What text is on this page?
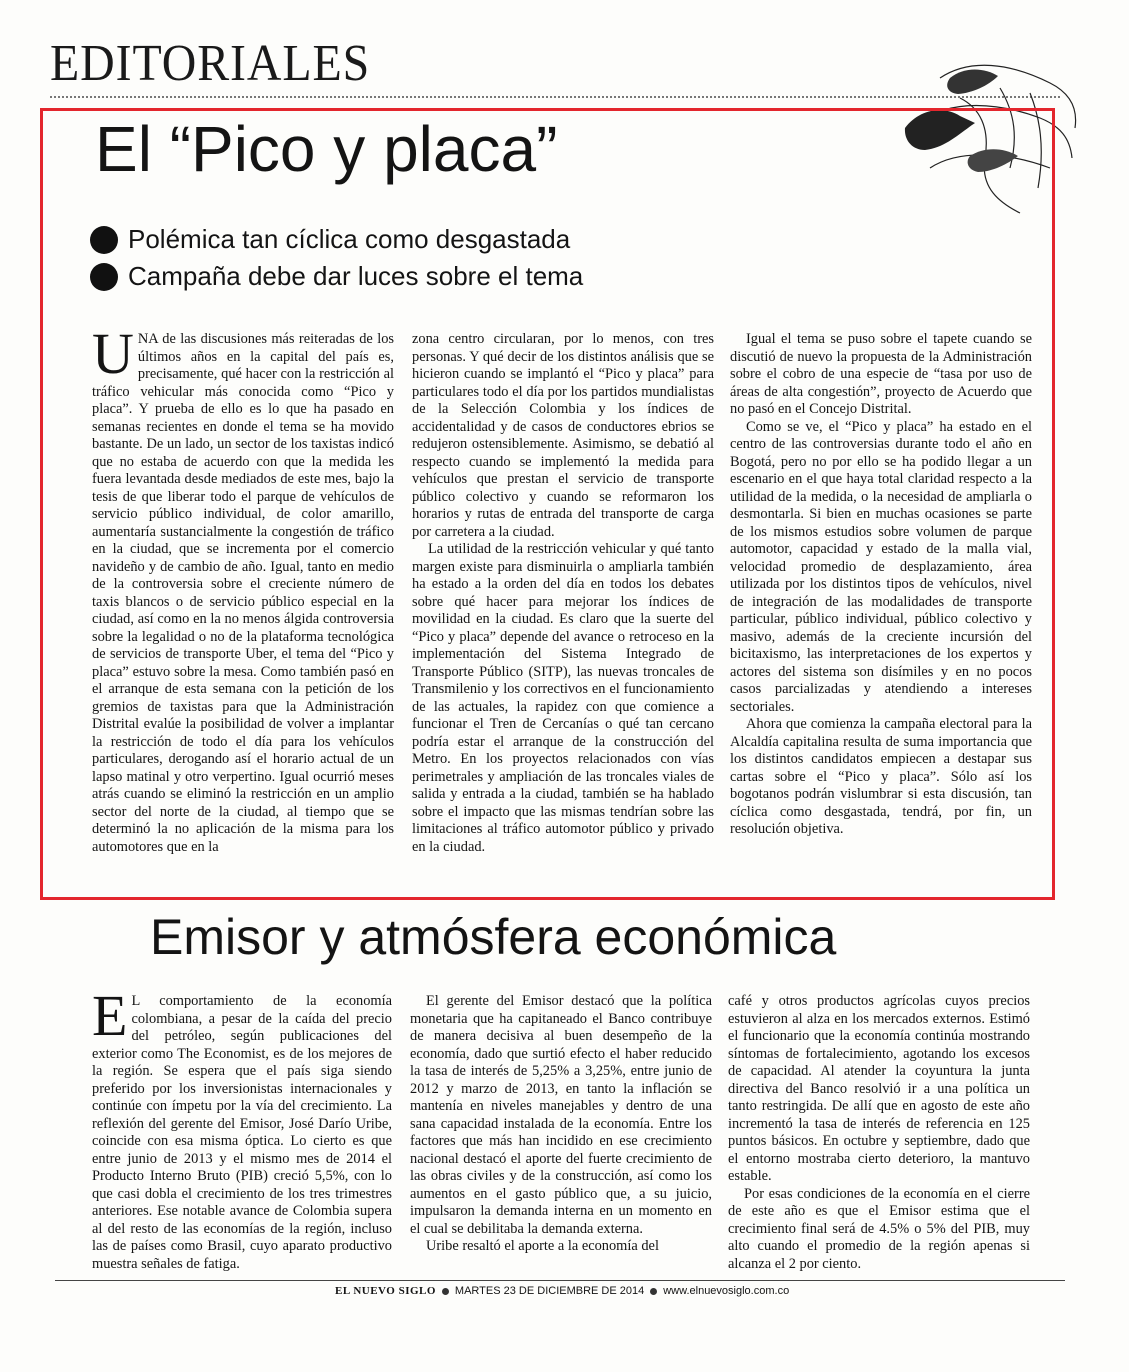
EDITORIALES
El “Pico y placa”
Polémica tan cíclica como desgastada
Campaña debe dar luces sobre el tema

UNA de las discusiones más reiteradas de los últimos años en la capital del país es, precisamente, qué hacer con la restricción al tráfico vehicular más conocida como “Pico y placa”. Y prueba de ello es lo que ha pasado en semanas recientes en donde el tema se ha movido bastante. De un lado, un sector de los taxistas indicó que no estaba de acuerdo con que la medida les fuera levantada desde mediados de este mes, bajo la tesis de que liberar todo el parque de vehículos de servicio público individual, de color amarillo, aumentaría sustancialmente la congestión de tráfico en la ciudad, que se incrementa por el comercio navideño y de cambio de año. Igual, tanto en medio de la controversia sobre el creciente número de taxis blancos o de servicio público especial en la ciudad, así como en la no menos álgida controversia sobre la legalidad o no de la plataforma tecnológica de servicios de transporte Uber, el tema del “Pico y placa” estuvo sobre la mesa. Como también pasó en el arranque de esta semana con la petición de los gremios de taxistas para que la Administración Distrital evalúe la posibilidad de volver a implantar la restricción de todo el día para los vehículos particulares, derogando así el horario actual de un lapso matinal y otro verpertino. Igual ocurrió meses atrás cuando se eliminó la restricción en un amplio sector del norte de la ciudad, al tiempo que se determinó la no aplicación de la misma para los automotores que en la

zona centro circularan, por lo menos, con tres personas. Y qué decir de los distintos análisis que se hicieron cuando se implantó el “Pico y placa” para particulares todo el día por los partidos mundialistas de la Selección Colombia y los índices de accidentalidad y de casos de conductores ebrios se redujeron ostensiblemente. Asimismo, se debatió al respecto cuando se implementó la medida para vehículos que prestan el servicio de transporte público colectivo y cuando se reformaron los horarios y rutas de entrada del transporte de carga por carretera a la ciudad.

La utilidad de la restricción vehicular y qué tanto margen existe para disminuirla o ampliarla también ha estado a la orden del día en todos los debates sobre qué hacer para mejorar los índices de movilidad en la ciudad. Es claro que la suerte del “Pico y placa” depende del avance o retroceso en la implementación del Sistema Integrado de Transporte Público (SITP), las nuevas troncales de Transmilenio y los correctivos en el funcionamiento de las actuales, la rapidez con que comience a funcionar el Tren de Cercanías o qué tan cercano podría estar el arranque de la construcción del Metro. En los proyectos relacionados con vías perimetrales y ampliación de las troncales viales de salida y entrada a la ciudad, también se ha hablado sobre el impacto que las mismas tendrían sobre las limitaciones al tráfico automotor público y privado en la ciudad.

Igual el tema se puso sobre el tapete cuando se discutió de nuevo la propuesta de la Administración sobre el cobro de una especie de “tasa por uso de áreas de alta congestión”, proyecto de Acuerdo que no pasó en el Concejo Distrital.

Como se ve, el “Pico y placa” ha estado en el centro de las controversias durante todo el año en Bogotá, pero no por ello se ha podido llegar a un escenario en el que haya total claridad respecto a la utilidad de la medida, o la necesidad de ampliarla o desmontarla. Si bien en muchas ocasiones se parte de los mismos estudios sobre volumen de parque automotor, capacidad y estado de la malla vial, velocidad promedio de desplazamiento, área utilizada por los distintos tipos de vehículos, nivel de integración de las modalidades de transporte particular, público individual, público colectivo y masivo, además de la creciente incursión del bicitaxismo, las interpretaciones de los expertos y actores del sistema son disímiles y en no pocos casos parcializadas y atendiendo a intereses sectoriales.

Ahora que comienza la campaña electoral para la Alcaldía capitalina resulta de suma importancia que los distintos candidatos empiecen a destapar sus cartas sobre el “Pico y placa”. Sólo así los bogotanos podrán vislumbrar si esta discusión, tan cíclica como desgastada, tendrá, por fin, un resolución objetiva.

Emisor y atmósfera económica

E L comportamiento de la economía colombiana, a pesar de la caída del precio del petróleo, según publicaciones del exterior como The Economist, es de los mejores de la región. Se espera que el país siga siendo preferido por los inversionistas internacionales y continúe con ímpetu por la vía del crecimiento. La reflexión del gerente del Emisor, José Darío Uribe, coincide con esa misma óptica. Lo cierto es que entre junio de 2013 y el mismo mes de 2014 el Producto Interno Bruto (PIB) creció 5,5%, con lo que casi dobla el crecimiento de los tres trimestres anteriores. Ese notable avance de Colombia supera al del resto de las economías de la región, incluso las de países como Brasil, cuyo aparato productivo muestra señales de fatiga.

El gerente del Emisor destacó que la política monetaria que ha capitaneado el Banco contribuye de manera decisiva al buen desempeño de la economía, dado que surtió efecto el haber reducido la tasa de interés de 5,25% a 3,25%, entre junio de 2012 y marzo de 2013, en tanto la inflación se mantenía en niveles manejables y dentro de una sana capacidad instalada de la economía. Entre los factores que más han incidido en ese crecimiento nacional destacó el aporte del fuerte crecimiento de las obras civiles y de la construcción, así como los aumentos en el gasto público que, a su juicio, impulsaron la demanda interna en un momento en el cual se debilitaba la demanda externa.

Uribe resaltó el aporte a la economía del

café y otros productos agrícolas cuyos precios estuvieron al alza en los mercados externos. Estimó el funcionario que la economía continúa mostrando síntomas de fortalecimiento, agotando los excesos de capacidad. Al atender la coyuntura la junta directiva del Banco resolvió ir a una política un tanto restringida. De allí que en agosto de este año incrementó la tasa de interés de referencia en 125 puntos básicos. En octubre y septiembre, dado que el entorno mostraba cierto deterioro, la mantuvo estable.

Por esas condiciones de la economía en el cierre de este año es que el Emisor estima que el crecimiento final será de 4.5% o 5% del PIB, muy alto cuando el promedio de la región apenas si alcanza el 2 por ciento.

EL NUEVO SIGLO MARTES 23 DE DICIEMBRE DE 2014 www.elnuevosiglo.com.co
